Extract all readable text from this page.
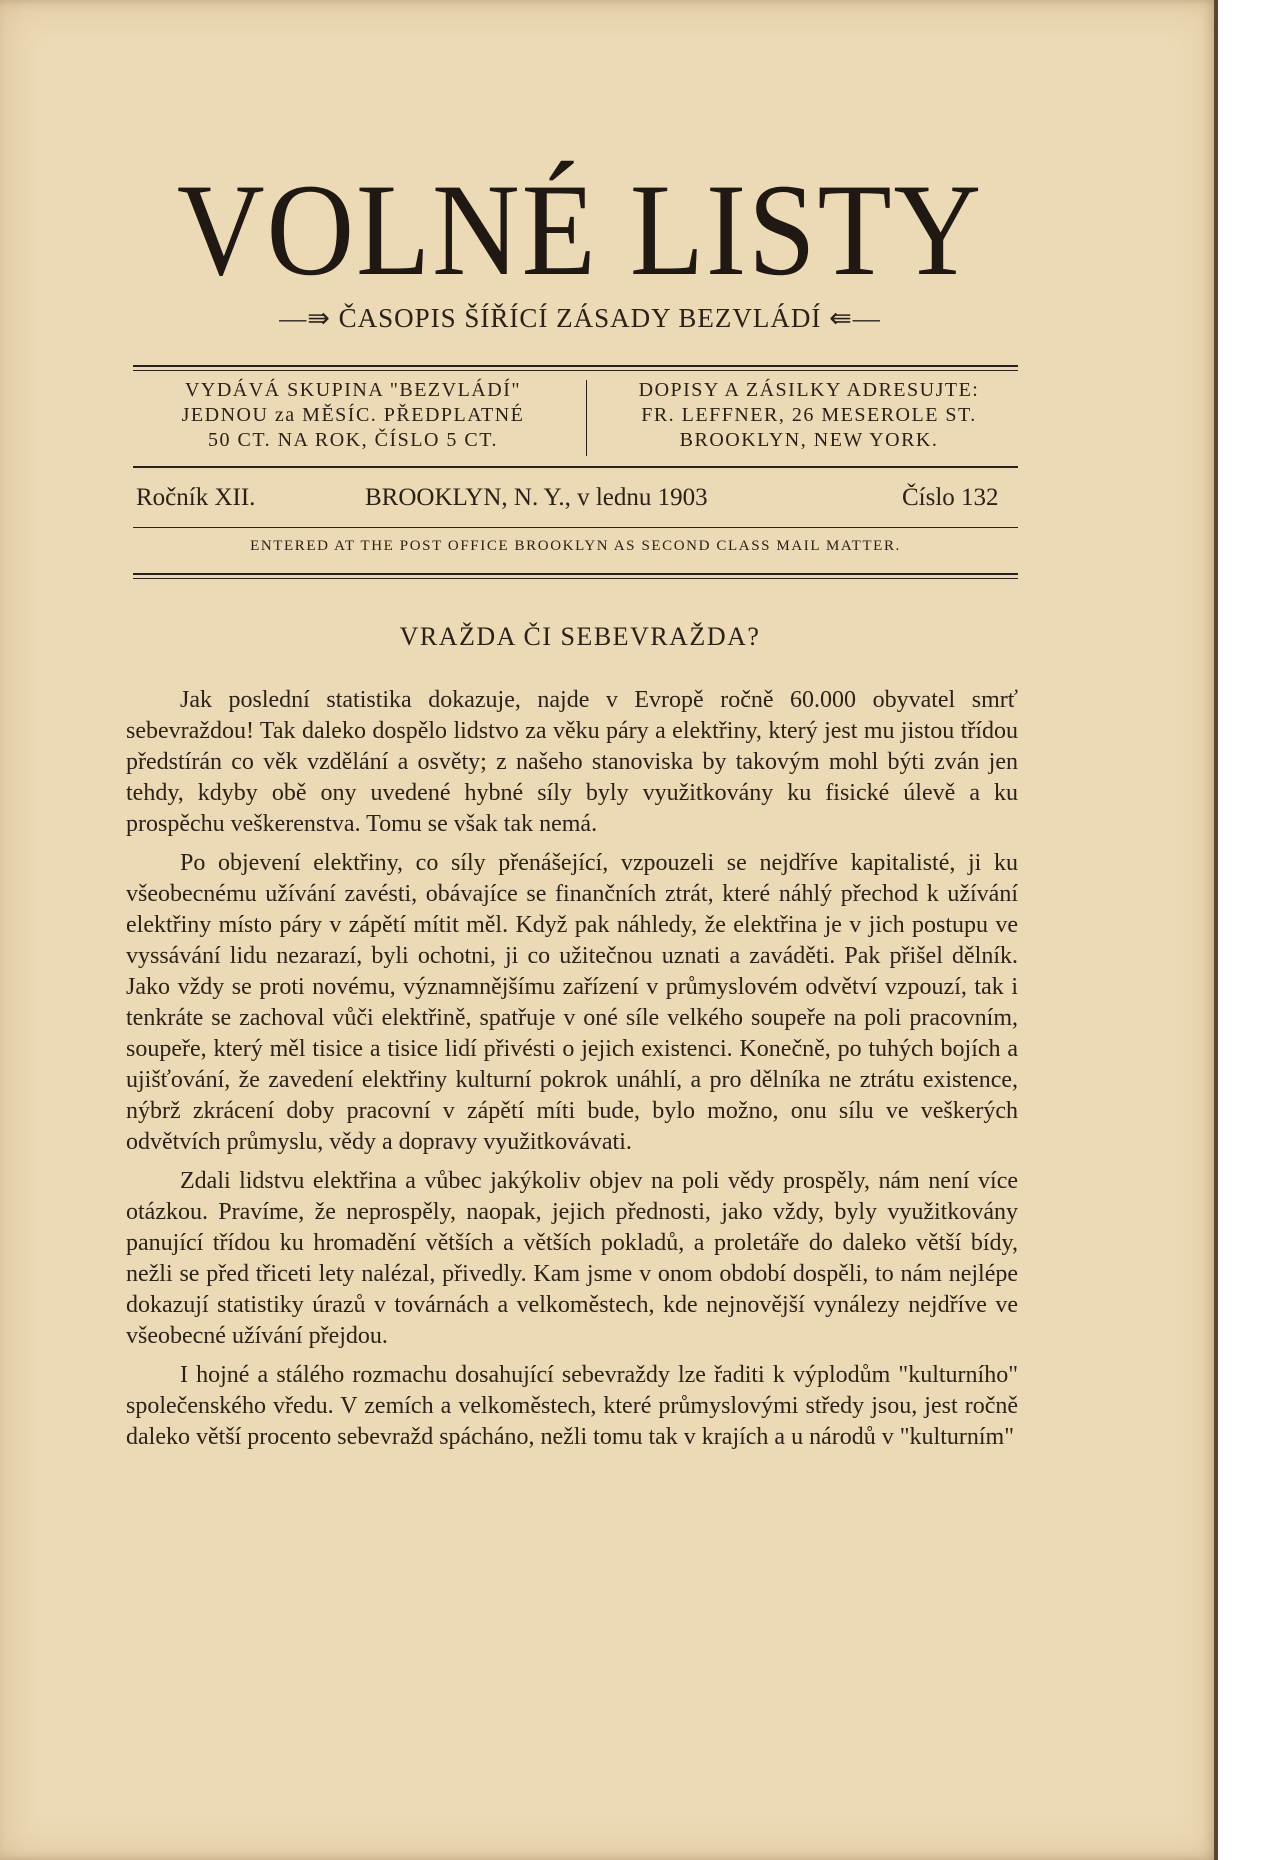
VOLNÉ LISTY
—⇛ ČASOPIS ŠÍŘÍCÍ ZÁSADY BEZVLÁDÍ ⇚—
VYDÁVÁ SKUPINA "BEZVLÁDÍ"
JEDNOU za MĚSÍC. PŘEDPLATNÉ
50 CT. NA ROK, ČÍSLO 5 CT.
DOPISY A ZÁSILKY ADRESUJTE:
FR. LEFFNER, 26 MESEROLE ST.
BROOKLYN, NEW YORK.
Ročník XII.	BROOKLYN, N. Y., v lednu 1903	Číslo 132
ENTERED AT THE POST OFFICE BROOKLYN AS SECOND CLASS MAIL MATTER.
VRAŽDA ČI SEBEVRAŽDA?

Jak poslední statistika dokazuje, najde v Evropě ročně 60.000 obyvatel smrť sebevraždou! Tak daleko dospělo lidstvo za věku páry a elektřiny, který jest mu jistou třídou předstírán co věk vzdělání a osvěty; z našeho stanoviska by takovým mohl býti zván jen tehdy, kdyby obě ony uvedené hybné síly byly využitkovány ku fisické úlevě a ku prospěchu veškerenstva. Tomu se však tak nemá.

Po objevení elektřiny, co síly přenášející, vzpouzeli se nejdříve kapitalisté, ji ku všeobecnému užívání zavésti, obávajíce se finančních ztrát, které náhlý přechod k užívání elektřiny místo páry v zápětí mítit měl. Když pak náhledy, že elektřina je v jich postupu ve vyssávání lidu nezarazí, byli ochotni, ji co užitečnou uznati a zaváděti. Pak přišel dělník. Jako vždy se proti novému, významnějšímu zařízení v průmyslovém odvětví vzpouzí, tak i tenkráte se zachoval vůči elektřině, spatřuje v oné síle velkého soupeře na poli pracovním, soupeře, který měl tisice a tisice lidí přivésti o jejich existenci. Konečně, po tuhých bojích a ujišťování, že zavedení elektřiny kulturní pokrok unáhlí, a pro dělníka ne ztrátu existence, nýbrž zkrácení doby pracovní v zápětí míti bude, bylo možno, onu sílu ve veškerých odvětvích průmyslu, vědy a dopravy využitkovávati.

Zdali lidstvu elektřina a vůbec jakýkoliv objev na poli vědy prospěly, nám není více otázkou. Pravíme, že neprospěly, naopak, jejich přednosti, jako vždy, byly využitkovány panující třídou ku hromadění větších a větších pokladů, a proletáře do daleko větší bídy, nežli se před třiceti lety nalézal, přivedly. Kam jsme v onom období dospěli, to nám nejlépe dokazují statistiky úrazů v továrnách a velkoměstech, kde nejnovější vynálezy nejdříve ve všeobecné užívání přejdou.

I hojné a stálého rozmachu dosahující sebevraždy lze řaditi k výplodům "kulturního" společenského vředu. V zemích a velkoměstech, které průmyslovými středy jsou, jest ročně daleko větší procento sebevražd spácháno, nežli tomu tak v krajích a u národů v "kulturním"
